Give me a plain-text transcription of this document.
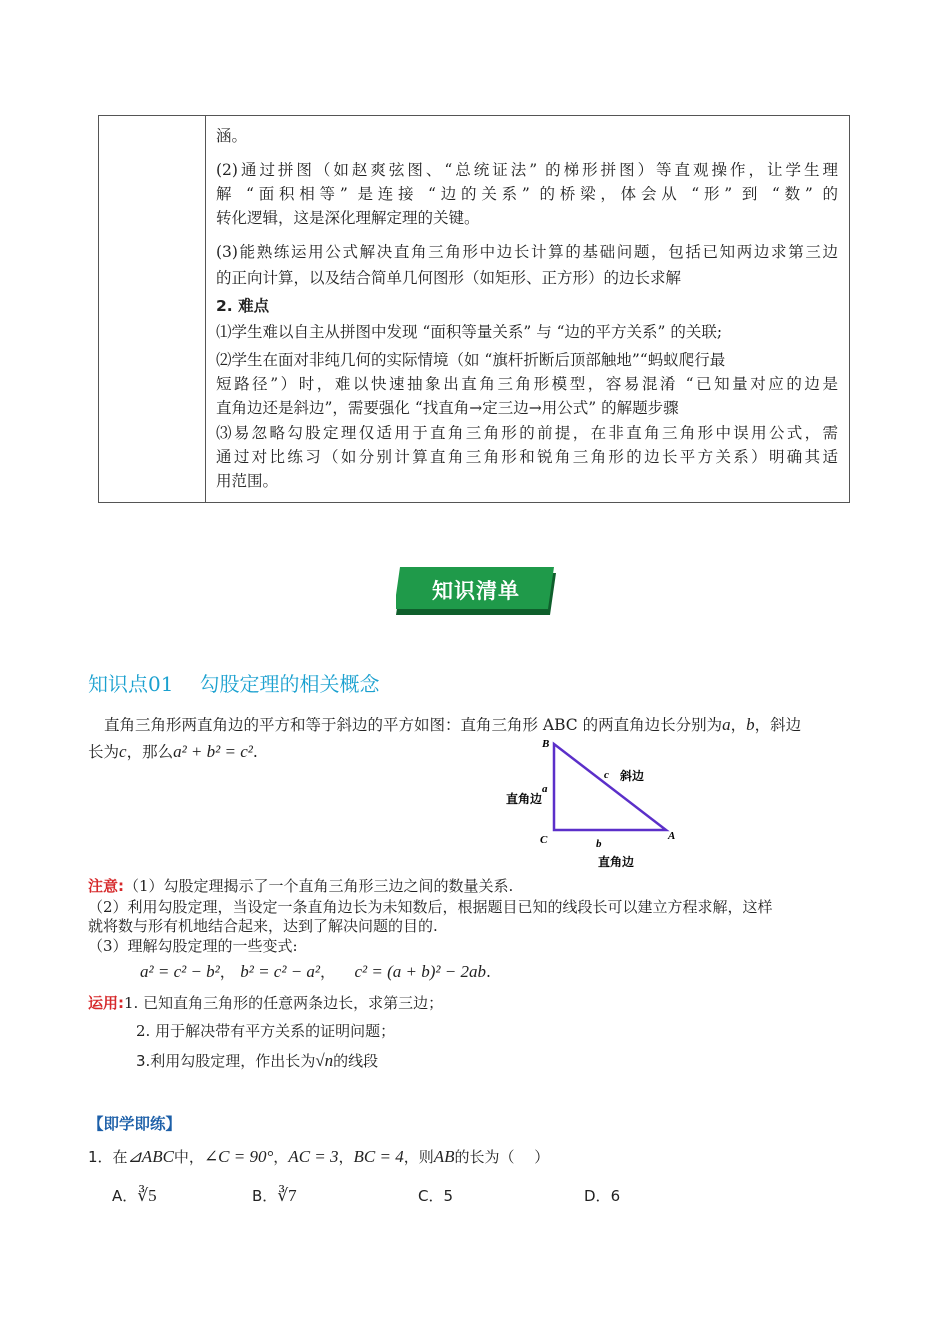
涵。
(2)通过拼图（如赵爽弦图、“总统证法” 的梯形拼图）等直观操作，让学生理
解 “面积相等” 是连接 “边的关系” 的桥梁，体会从 “形” 到 “数” 的
转化逻辑，这是深化理解定理的关键。
(3)能熟练运用公式解决直角三角形中边长计算的基础问题，包括已知两边求第三边
的正向计算，以及结合简单几何图形（如矩形、正方形）的边长求解
2. 难点
⑴学生难以自主从拼图中发现 “面积等量关系” 与 “边的平方关系” 的关联;
⑵学生在面对非纯几何的实际情境（如 “旗杆折断后顶部触地”“蚂蚁爬行最
短路径”）时，难以快速抽象出直角三角形模型，容易混淆 “已知量对应的边是
直角边还是斜边”，需要强化 “找直角→定三边→用公式” 的解题步骤
⑶易忽略勾股定理仅适用于直角三角形的前提，在非直角三角形中误用公式，需
通过对比练习（如分别计算直角三角形和锐角三角形的边长平方关系）明确其适
用范围。
知识清单
知识点01 勾股定理的相关概念
直角三角形两直角边的平方和等于斜边的平方如图：直角三角形 ABC 的两直角边长分别为a，b，斜边
长为c，那么a² + b² = c².	B
C	A
a
b
c 斜边
直角边
直角边
注意:（1）勾股定理揭示了一个直角三角形三边之间的数量关系.
（2）利用勾股定理，当设定一条直角边长为未知数后，根据题目已知的线段长可以建立方程求解，这样
就将数与形有机地结合起来，达到了解决问题的目的.
（3）理解勾股定理的一些变式:
a² = c² − b²， b² = c² − a²， c² = (a + b)² − 2ab.
运用:1. 已知直角三角形的任意两条边长，求第三边；
2. 用于解决带有平方关系的证明问题；
3.利用勾股定理，作出长为√n的线段
【即学即练】
1．在⊿ABC中，∠C = 90°，AC = 3，BC = 4，则AB的长为（　 ）
A．∛5	B．∛7	C．5	D．6
